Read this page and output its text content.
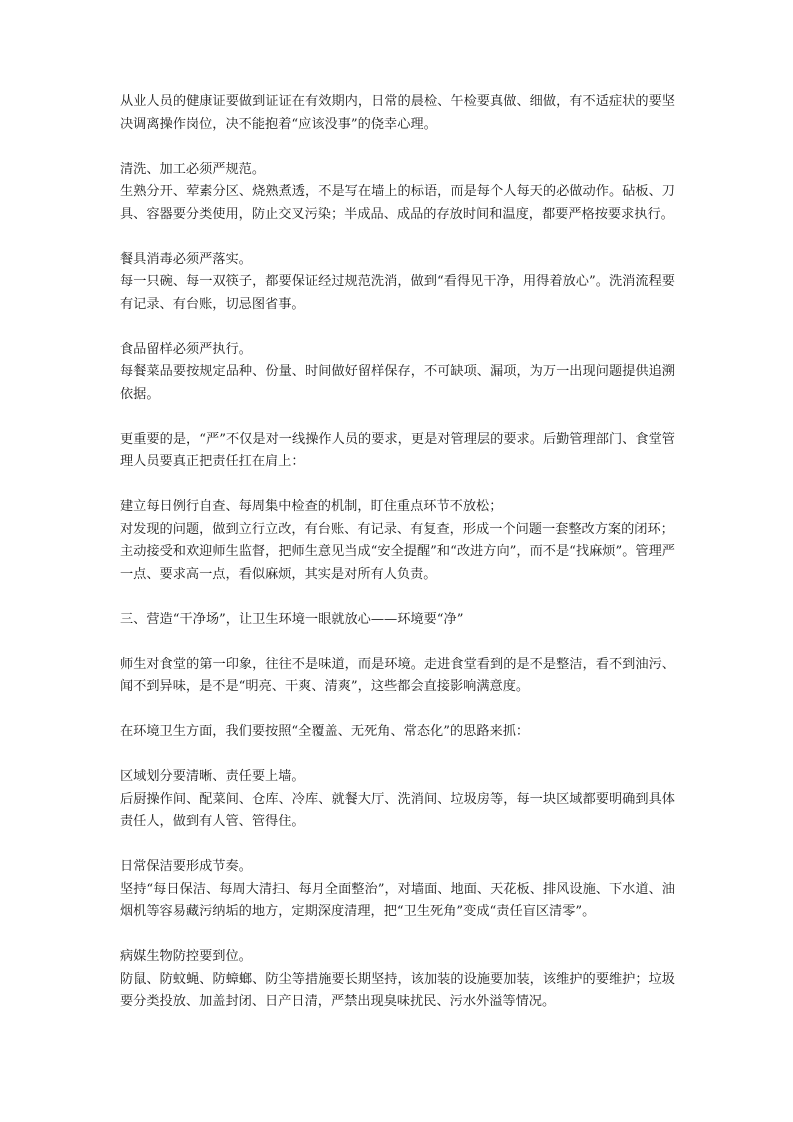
从业人员的健康证要做到证证在有效期内，日常的晨检、午检要真做、细做，有不适症状的要坚决调离操作岗位，决不能抱着“应该没事”的侥幸心理。

清洗、加工必须严规范。

生熟分开、荤素分区、烧熟煮透，不是写在墙上的标语，而是每个人每天的必做动作。砧板、刀具、容器要分类使用，防止交叉污染；半成品、成品的存放时间和温度，都要严格按要求执行。

餐具消毒必须严落实。

每一只碗、每一双筷子，都要保证经过规范洗消，做到“看得见干净，用得着放心”。洗消流程要有记录、有台账，切忌图省事。

食品留样必须严执行。

每餐菜品要按规定品种、份量、时间做好留样保存，不可缺项、漏项，为万一出现问题提供追溯依据。

更重要的是，“严”不仅是对一线操作人员的要求，更是对管理层的要求。后勤管理部门、食堂管理人员要真正把责任扛在肩上：

建立每日例行自查、每周集中检查的机制，盯住重点环节不放松；

对发现的问题，做到立行立改，有台账、有记录、有复查，形成一个问题一套整改方案的闭环；

主动接受和欢迎师生监督，把师生意见当成“安全提醒”和“改进方向”，而不是“找麻烦”。管理严一点、要求高一点，看似麻烦，其实是对所有人负责。

三、营造“干净场”，让卫生环境一眼就放心——环境要“净”

师生对食堂的第一印象，往往不是味道，而是环境。走进食堂看到的是不是整洁，看不到油污、闻不到异味，是不是“明亮、干爽、清爽”，这些都会直接影响满意度。

在环境卫生方面，我们要按照“全覆盖、无死角、常态化”的思路来抓：

区域划分要清晰、责任要上墙。

后厨操作间、配菜间、仓库、冷库、就餐大厅、洗消间、垃圾房等，每一块区域都要明确到具体责任人，做到有人管、管得住。

日常保洁要形成节奏。

坚持“每日保洁、每周大清扫、每月全面整治”，对墙面、地面、天花板、排风设施、下水道、油烟机等容易藏污纳垢的地方，定期深度清理，把“卫生死角”变成“责任盲区清零”。

病媒生物防控要到位。

防鼠、防蚊蝇、防蟑螂、防尘等措施要长期坚持，该加装的设施要加装，该维护的要维护；垃圾要分类投放、加盖封闭、日产日清，严禁出现臭味扰民、污水外溢等情况。
